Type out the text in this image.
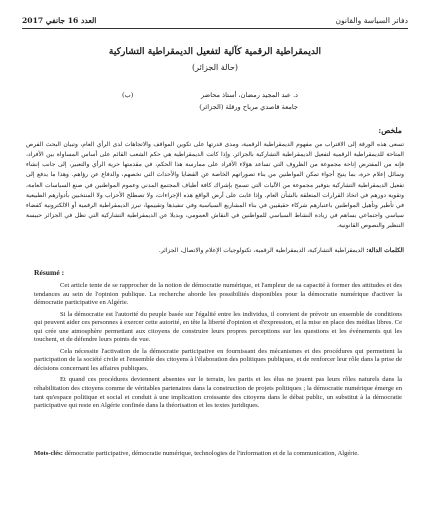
العدد 16 جانفي 2017	دفاتر السياسة والقانون
الديمقراطية الرقمية كآلية لتفعيل الديمقراطية التشاركية
(حالة الجزائر)
د. عبد المجيد رمضان، أستاذ محاضر
(ب)
جامعة قاصدي مرباح ورقلة (الجزائر)
ملخص:
تسعى هذه الورقة إلى الاقتراب من مفهوم الديمقراطية الرقمية، ومدى قدرتها على تكوين المواقف والاتجاهات لدى الرأي العام، وتبيان البحث الفرص المتاحة للديمقراطية الرقمية لتفعيل الديمقراطية التشاركية بالجزائر. وإذا كانت الديمقراطية هي حكم الشعب القائم على أساس المساواة بين الأفراد، فإنه من المفترض إتاحة مجموعة من الظروف التي تساعد هؤلاء الأفراد على ممارسة هذا الحكم، في مقدمتها حرية الرأي والتعبير، إلى جانب إنشاء وسائل إعلام حرة، بما يتيح أجواء تمكن المواطنين من بناء تصوراتهم الخاصة عن القضايا والأحداث التي تخصهم، والدفاع عن رؤاهم. وهذا ما يدفع إلى تفعيل الديمقراطية التشاركية بتوفير مجموعة من الآليات التي تسمح بإشراك كافة أطياف المجتمع المدني وعموم المواطنين في صنع السياسات العامة، وتقوية دورهم في اتخاذ القرارات المتعلقة بالشأن العام. وإذا غابت على أرض الواقع هذه الإجراءات، ولا تصطلح الأحزاب ولا المنتخبين بأدوارهم الطبيعية في تأطير وتأهيل المواطنين باعتبارهم شركاء حقيقيين في بناء المشاريع السياسية وفي تنفيذها وتقييمها، تبرز الديمقراطية الرقمية أو الالكترونية كفضاء سياسي واجتماعي يساهم في زيادة النشاط السياسي للمواطنين في النقاش العمومي، وبديلا عن الديمقراطية التشاركية التي تظل في الجزائر حبيسة التنظير والنصوص القانونية.
الكلمات الدالة: الديمقراطية التشاركية، الديمقراطية الرقمية، تكنولوجيات الإعلام والاتصال، الجزائر.
Résumé :

Cet article tente de se rapprocher de la notion de démocratie numérique, et l'ampleur de sa capacité à former des attitudes et des tendances au sein de l'opinion publique. La recherche aborde les possibilités disponibles pour la démocratie numérique d'activer la démocratie participative en Algérie.

Si la démocratie est l'autorité du peuple basée sur l'égalité entre les individus, il convient de prévoir un ensemble de conditions qui peuvent aider ces personnes à exercer cette autorité, en tête la liberté d'opinion et d'expression, et la mise en place des médias libres. Ce qui crée une atmosphère permettant aux citoyens de construire leurs propres perceptions sur les questions et les événements qui les touchent, et de défendre leurs points de vue.

Cela nécessite l'activation de la démocratie participative en fournissant des mécanismes et des procédures qui permettent la participation de la société civile et l'ensemble des citoyens à l'élaboration des politiques publiques, et de renforcer leur rôle dans la prise de décisions concernant les affaires publiques.

Et quand ces procédures deviennent absentes sur le terrain, les partis et les élus ne jouent pas leurs rôles naturels dans la réhabilitation des citoyens comme de véritables partenaires dans la construction de projets politiques ; la démocratie numérique émerge en tant qu'espace politique et social et conduit à une implication croissante des citoyens dans le débat public, un substitut à la démocratie participative qui reste en Algérie confinée dans la théorisation et les textes juridiques.

Mots-clés: démocratie participative, démocratie numérique, technologies de l'information et de la communication, Algérie.
